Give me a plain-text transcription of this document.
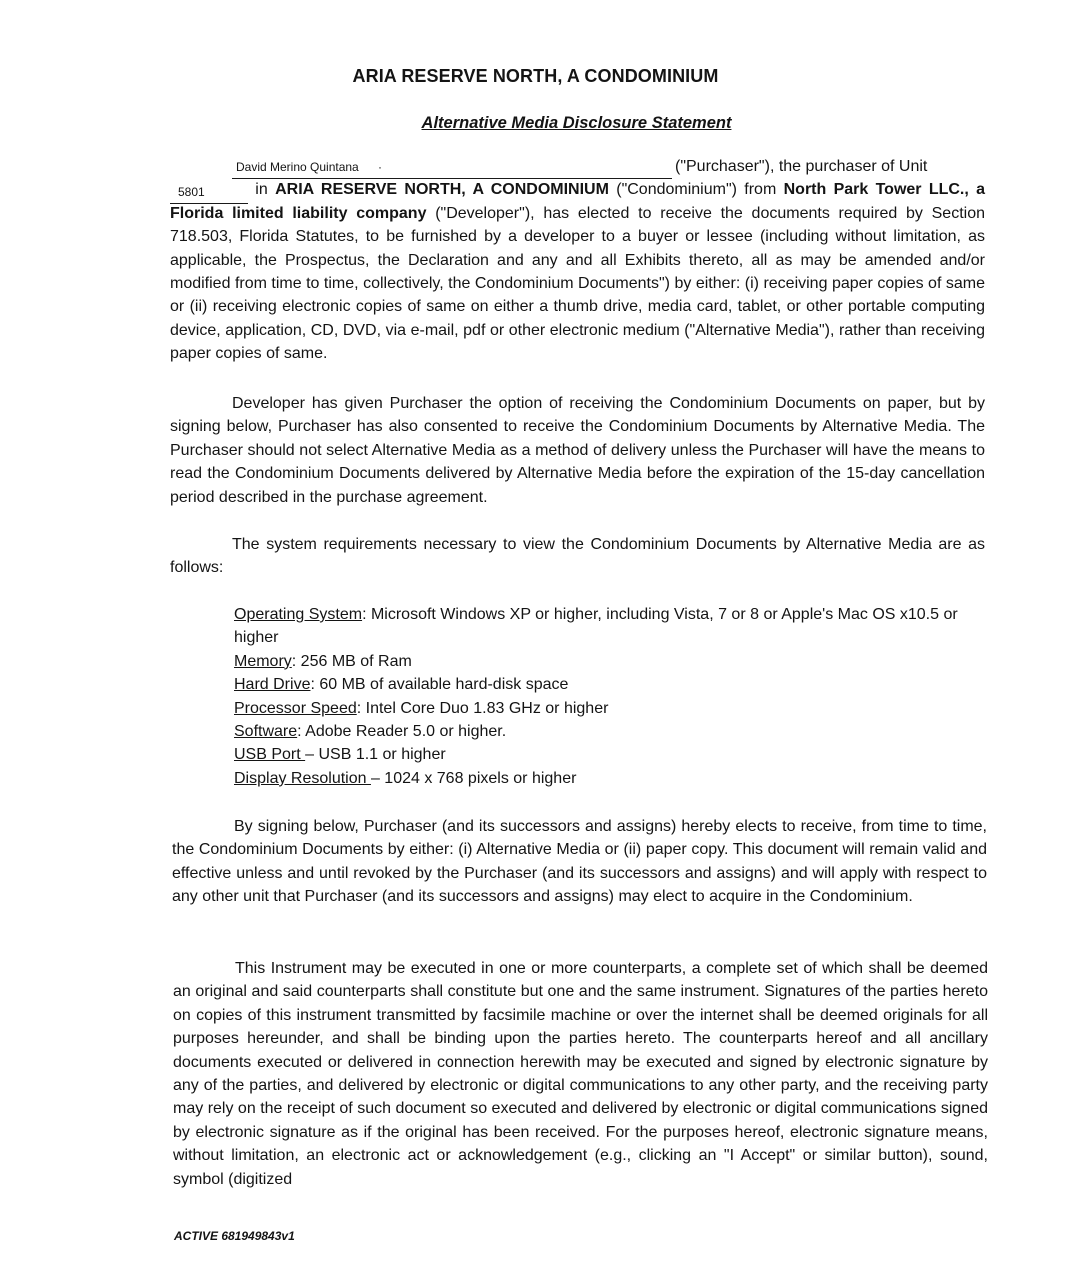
ARIA RESERVE NORTH, A CONDOMINIUM
Alternative Media Disclosure Statement
David Merino Quintana ·
5801
("Purchaser"), the purchaser of Unit
in ARIA RESERVE NORTH, A CONDOMINIUM ("Condominium") from North Park Tower LLC., a Florida limited liability company ("Developer"), has elected to receive the documents required by Section 718.503, Florida Statutes, to be furnished by a developer to a buyer or lessee (including without limitation, as applicable, the Prospectus, the Declaration and any and all Exhibits thereto, all as may be amended and/or modified from time to time, collectively, the Condominium Documents") by either: (i) receiving paper copies of same or (ii) receiving electronic copies of same on either a thumb drive, media card, tablet, or other portable computing device, application, CD, DVD, via e-mail, pdf or other electronic medium ("Alternative Media"), rather than receiving paper copies of same.

Developer has given Purchaser the option of receiving the Condominium Documents on paper, but by signing below, Purchaser has also consented to receive the Condominium Documents by Alternative Media. The Purchaser should not select Alternative Media as a method of delivery unless the Purchaser will have the means to read the Condominium Documents delivered by Alternative Media before the expiration of the 15-day cancellation period described in the purchase agreement.

The system requirements necessary to view the Condominium Documents by Alternative Media are as follows:

Operating System: Microsoft Windows XP or higher, including Vista, 7 or 8 or Apple's Mac OS x10.5 or higher

Memory: 256 MB of Ram

Hard Drive: 60 MB of available hard-disk space

Processor Speed: Intel Core Duo 1.83 GHz or higher

Software: Adobe Reader 5.0 or higher.

USB Port – USB 1.1 or higher

Display Resolution – 1024 x 768 pixels or higher

By signing below, Purchaser (and its successors and assigns) hereby elects to receive, from time to time, the Condominium Documents by either: (i) Alternative Media or (ii) paper copy. This document will remain valid and effective unless and until revoked by the Purchaser (and its successors and assigns) and will apply with respect to any other unit that Purchaser (and its successors and assigns) may elect to acquire in the Condominium.

This Instrument may be executed in one or more counterparts, a complete set of which shall be deemed an original and said counterparts shall constitute but one and the same instrument. Signatures of the parties hereto on copies of this instrument transmitted by facsimile machine or over the internet shall be deemed originals for all purposes hereunder, and shall be binding upon the parties hereto. The counterparts hereof and all ancillary documents executed or delivered in connection herewith may be executed and signed by electronic signature by any of the parties, and delivered by electronic or digital communications to any other party, and the receiving party may rely on the receipt of such document so executed and delivered by electronic or digital communications signed by electronic signature as if the original has been received. For the purposes hereof, electronic signature means, without limitation, an electronic act or acknowledgement (e.g., clicking an "I Accept" or similar button), sound, symbol (digitized

ACTIVE 681949843v1
